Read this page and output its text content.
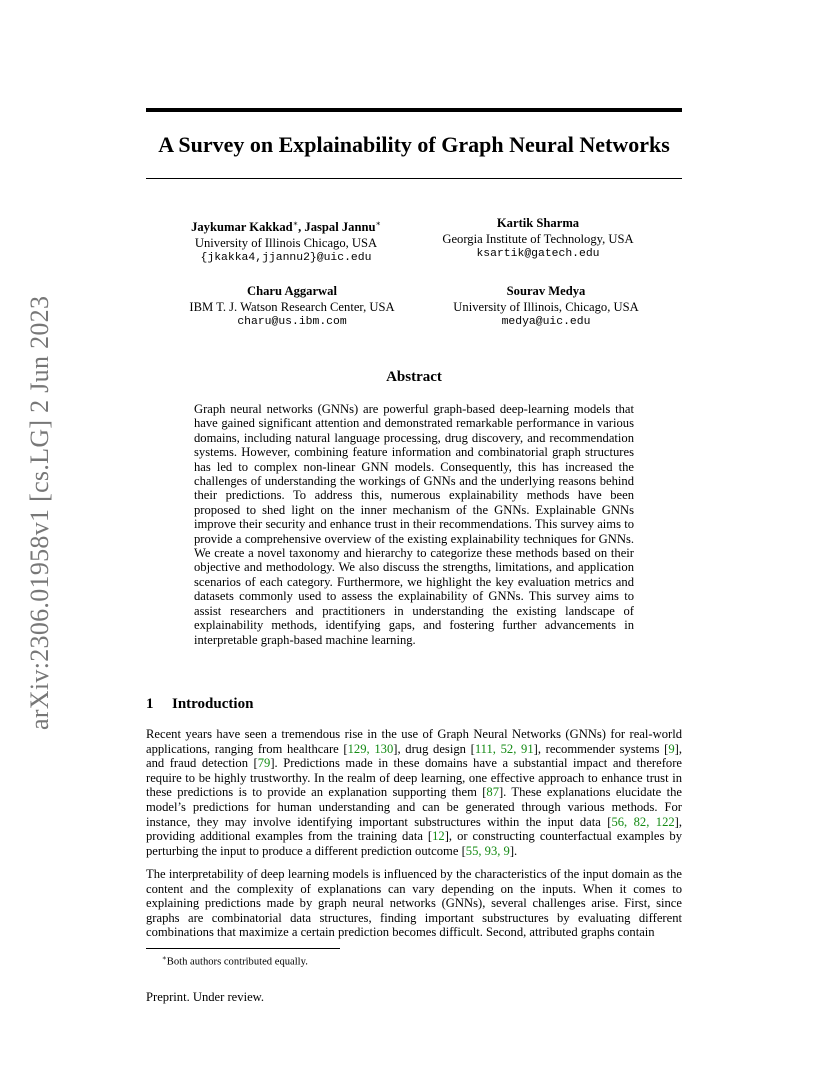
arXiv:2306.01958v1 [cs.LG] 2 Jun 2023
A Survey on Explainability of Graph Neural Networks
Jaykumar Kakkad∗, Jaspal Jannu∗
University of Illinois Chicago, USA
{jkakka4,jjannu2}@uic.edu
Kartik Sharma
Georgia Institute of Technology, USA
ksartik@gatech.edu
Charu Aggarwal
IBM T. J. Watson Research Center, USA
charu@us.ibm.com
Sourav Medya
University of Illinois, Chicago, USA
medya@uic.edu
Abstract

Graph neural networks (GNNs) are powerful graph-based deep-learning models that have gained significant attention and demonstrated remarkable performance in various domains, including natural language processing, drug discovery, and recommendation systems. However, combining feature information and combinatorial graph structures has led to complex non-linear GNN models. Consequently, this has increased the challenges of understanding the workings of GNNs and the underlying reasons behind their predictions. To address this, numerous explainability methods have been proposed to shed light on the inner mechanism of the GNNs. Explainable GNNs improve their security and enhance trust in their recommendations. This survey aims to provide a comprehensive overview of the existing explainability techniques for GNNs. We create a novel taxonomy and hierarchy to categorize these methods based on their objective and methodology. We also discuss the strengths, limitations, and application scenarios of each category. Furthermore, we highlight the key evaluation metrics and datasets commonly used to assess the explainability of GNNs. This survey aims to assist researchers and practitioners in understanding the existing landscape of explainability methods, identifying gaps, and fostering further advancements in interpretable graph-based machine learning.

1 Introduction

Recent years have seen a tremendous rise in the use of Graph Neural Networks (GNNs) for real-world applications, ranging from healthcare [129, 130], drug design [111, 52, 91], recommender systems [9], and fraud detection [79]. Predictions made in these domains have a substantial impact and therefore require to be highly trustworthy. In the realm of deep learning, one effective approach to enhance trust in these predictions is to provide an explanation supporting them [87]. These explanations elucidate the model’s predictions for human understanding and can be generated through various methods. For instance, they may involve identifying important substructures within the input data [56, 82, 122], providing additional examples from the training data [12], or constructing counterfactual examples by perturbing the input to produce a different prediction outcome [55, 93, 9].

The interpretability of deep learning models is influenced by the characteristics of the input domain as the content and the complexity of explanations can vary depending on the inputs. When it comes to explaining predictions made by graph neural networks (GNNs), several challenges arise. First, since graphs are combinatorial data structures, finding important substructures by evaluating different combinations that maximize a certain prediction becomes difficult. Second, attributed graphs contain

∗Both authors contributed equally.

Preprint. Under review.
